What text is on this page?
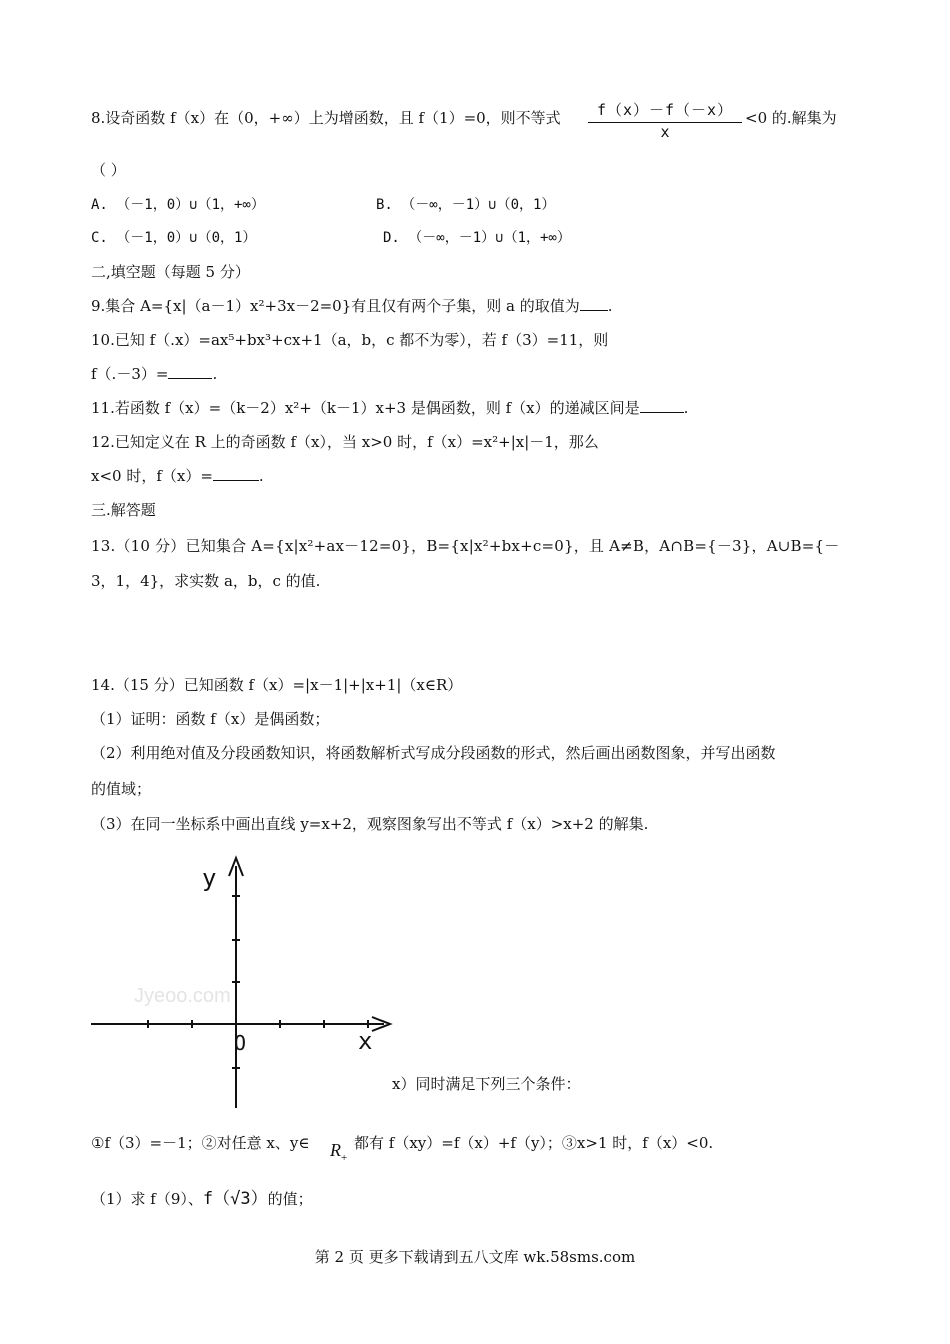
8.设奇函数 f（x）在（0，+∞）上为增函数，且 f（1）=0，则不等式	f（x）－f（－x）
x
<0 的.解集为
（ ）
A. （－1，0）∪（1，+∞）	B. （－∞，－1）∪（0，1）
C. （－1，0）∪（0，1）	D. （－∞，－1）∪（1，+∞）
二,填空题（每题 5 分）
9.集合 A={x|（a－1）x²+3x－2=0}有且仅有两个子集，则 a 的取值为 .
10.已知 f（.x）=ax⁵+bx³+cx+1（a，b，c 都不为零），若 f（3）=11，则
f（.－3）=	.
11.若函数 f（x）=（k－2）x²+（k－1）x+3 是偶函数，则 f（x）的递减区间是	.
12.已知定义在 R 上的奇函数 f（x），当 x>0 时，f（x）=x²+|x|－1，那么
x<0 时，f（x）=	.
三.解答题
13.（10 分）已知集合 A={x|x²+ax－12=0}，B={x|x²+bx+c=0}，且 A≠B，A∩B={－3}，A∪B={－
3，1，4}，求实数 a，b，c 的值.
14.（15 分）已知函数 f（x）=|x－1|+|x+1|（x∈R）
（1）证明：函数 f（x）是偶函数；
（2）利用绝对值及分段函数知识，将函数解析式写成分段函数的形式，然后画出函数图象，并写出函数
的值域；
（3）在同一坐标系中画出直线 y=x+2，观察图象写出不等式 f（x）>x+2 的解集.
Jyeoo.com
y
x
O
x）同时满足下列三个条件：
①f（3）=－1；②对任意 x、y∈ $R_+$
都有 f（xy）=f（x）+f（y）；③x>1 时，f（x）<0.
（1）求 f（9）、f（√3）的值；
第 2 页 更多下载请到五八文库 wk.58sms.com
